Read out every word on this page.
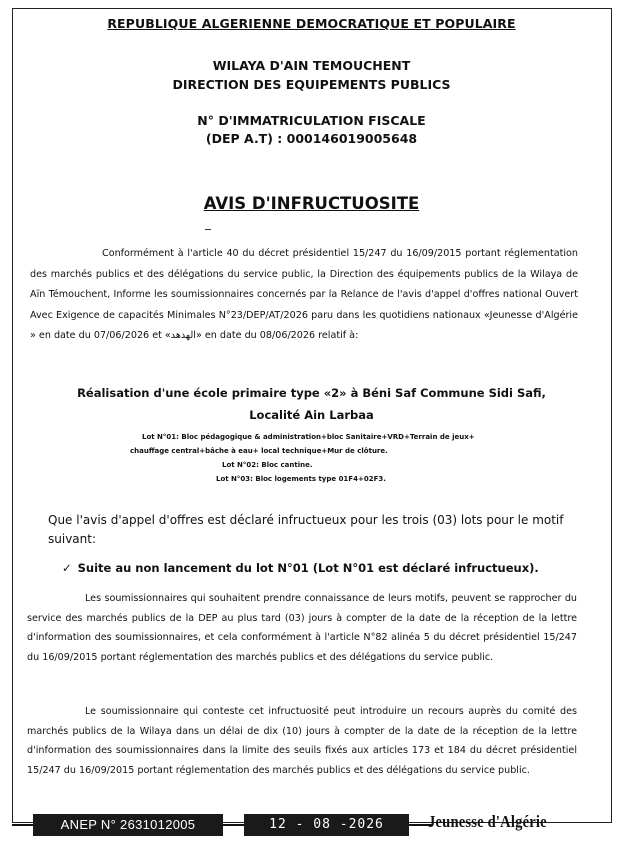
REPUBLIQUE ALGERIENNE DEMOCRATIQUE ET POPULAIRE
WILAYA D'AIN TEMOUCHENT
DIRECTION DES EQUIPEMENTS PUBLICS
N° D'IMMATRICULATION FISCALE
(DEP A.T) : 000146019005648
AVIS D'INFRUCTUOSITE

Conformément à l'article 40 du décret présidentiel 15/247 du 16/09/2015 portant réglementation des marchés publics et des délégations du service public, la Direction des équipements publics de la Wilaya de Aïn Témouchent, Informe les soumissionnaires concernés par la Relance de l'avis d'appel d'offres national Ouvert Avec Exigence de capacités Minimales N°23/DEP/AT/2026 paru dans les quotidiens nationaux «Jeunesse d'Algérie » en date du 07/06/2026 et «الهدهد» en date du 08/06/2026 relatif à:

Réalisation d'une école primaire type «2» à Béni Saf Commune Sidi Safi,
Localité Ain Larbaa
Lot N°01: Bloc pédagogique & administration+bloc Sanitaire+VRD+Terrain de jeux+
chauffage central+bâche à eau+ local technique+Mur de clôture.
Lot N°02: Bloc cantine.
Lot N°03: Bloc logements type 01F4+02F3.

Que l'avis d'appel d'offres est déclaré infructueux pour les trois (03) lots pour le motif suivant:

✓ Suite au non lancement du lot N°01 (Lot N°01 est déclaré infructueux).

Les soumissionnaires qui souhaitent prendre connaissance de leurs motifs, peuvent se rapprocher du service des marchés publics de la DEP au plus tard (03) jours à compter de la date de la réception de la lettre d'information des soumissionnaires, et cela conformément à l'article N°82 alinéa 5 du décret présidentiel 15/247 du 16/09/2015 portant réglementation des marchés publics et des délégations du service public.

Le soumissionnaire qui conteste cet infructuosité peut introduire un recours auprès du comité des marchés publics de la Wilaya dans un délai de dix (10) jours à compter de la date de la réception de la lettre d'information des soumissionnaires dans la limite des seuils fixés aux articles 173 et 184 du décret présidentiel 15/247 du 16/09/2015 portant réglementation des marchés publics et des délégations du service public.

ANEP N° 2631012005	12 - 08 -2026	Jeunesse d'Algérie
